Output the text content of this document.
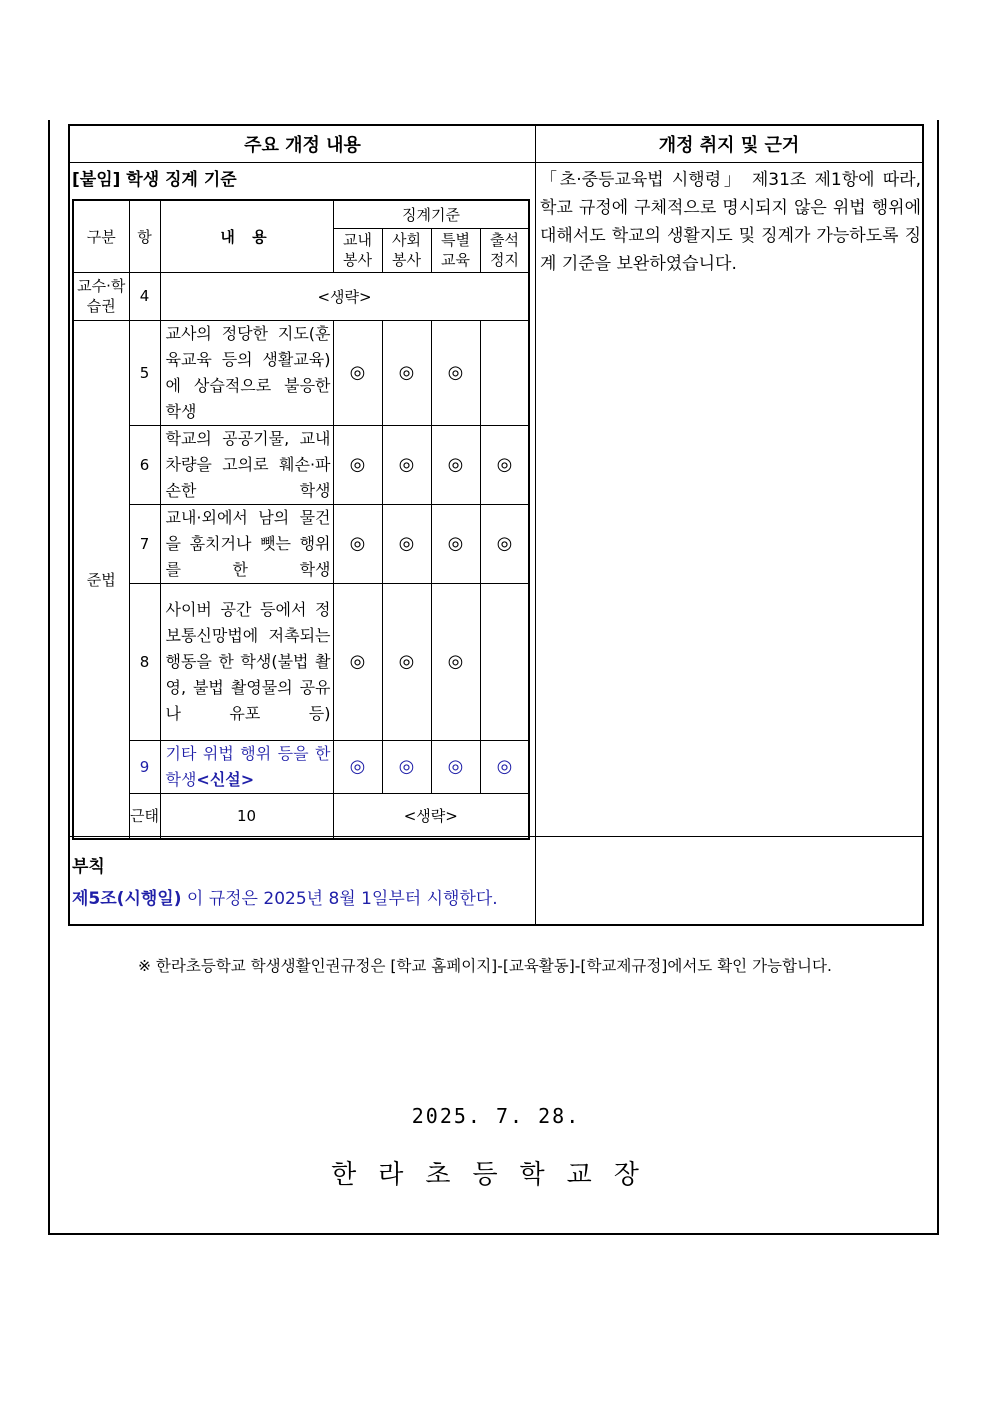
주요 개정 내용	개정 취지 및 근거
[붙임] 학생 징계 기준	「초·중등교육법 시행령」 제31조 제1항에 따라, 학교 규정에 구체적으로 명시되지 않은 위법 행위에 대해서도 학교의 생활지도 및 징계가 가능하도록 징계 기준을 보완하였습니다.
구분	항	내 용	징계기준			
			교내 봉사	사회 봉사	특별 교육	출석 정지
교수·학습권	4	<생략>				
준법	5	교사의 정당한 지도(훈육교육 등의 생활교육)에 상습적으로 불응한 학생	◎	◎	◎	
	6	학교의 공공기물, 교내 차량을 고의로 훼손·파손한 학생	◎	◎	◎	◎
	7	교내·외에서 남의 물건을 훔치거나 뺏는 행위를 한 학생	◎	◎	◎	◎
	8	사이버 공간 등에서 정보통신망법에 저촉되는 행동을 한 학생(불법 촬영, 불법 촬영물의 공유나 유포 등)	◎	◎	◎	
	9	기타 위법 행위 등을 한 학생<신설>	◎	◎	◎	◎
	근태	10	<생략>			
부칙
제5조(시행일) 이 규정은 2025년 8월 1일부터 시행한다.
※ 한라초등학교 학생생활인권규정은 [학교 홈페이지]-[교육활동]-[학교제규정]에서도 확인 가능합니다.
2025. 7. 28.
한라초등학교장
